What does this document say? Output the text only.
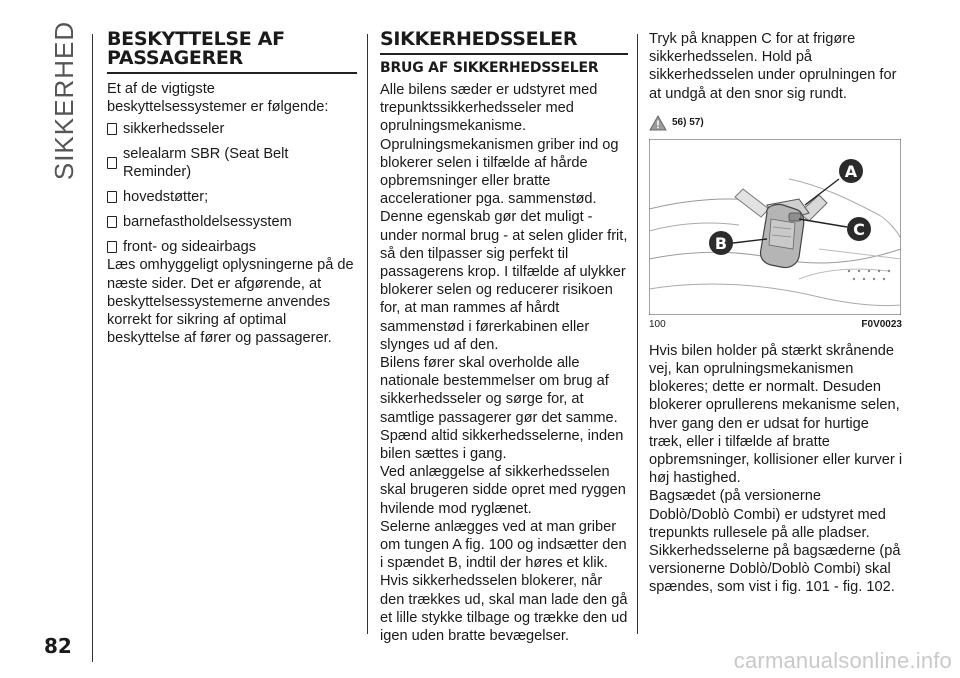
SIKKERHED BESKYTTELSE AF PASSAGERER

Et af de vigtigste beskyttelsessystemer er følgende:

sikkerhedsseler
selealarm SBR (Seat Belt Reminder)
hovedstøtter;
barnefastholdelsessystem
front- og sideairbags

Læs omhyggeligt oplysningerne på de næste sider. Det er afgørende, at beskyttelsessystemerne anvendes korrekt for sikring af optimal beskyttelse af fører og passagerer.

SIKKERHEDSSELER
BRUG AF SIKKERHEDSSELER

Alle bilens sæder er udstyret med trepunktssikkerhedsseler med oprulningsmekanisme.

Oprulningsmekanismen griber ind og blokerer selen i tilfælde af hårde opbremsninger eller bratte accelerationer pga. sammenstød. Denne egenskab gør det muligt - under normal brug - at selen glider frit, så den tilpasser sig perfekt til passagerens krop. I tilfælde af ulykker blokerer selen og reducerer risikoen for, at man rammes af hårdt sammenstød i førerkabinen eller slynges ud af den.

Bilens fører skal overholde alle nationale bestemmelser om brug af sikkerhedsseler og sørge for, at samtlige passagerer gør det samme.

Spænd altid sikkerhedsselerne, inden bilen sættes i gang.

Ved anlæggelse af sikkerhedsselen skal brugeren sidde opret med ryggen hvilende mod ryglænet.

Selerne anlægges ved at man griber om tungen A fig. 100 og indsætter den i spændet B, indtil der høres et klik.

Hvis sikkerhedsselen blokerer, når den trækkes ud, skal man lade den gå et lille stykke tilbage og trække den ud igen uden bratte bevægelser.

Tryk på knappen C for at frigøre sikkerhedsselen. Hold på sikkerhedsselen under oprulningen for at undgå at den snor sig rundt.

56) 57)
A
C
B
100	F0V0023

Hvis bilen holder på stærkt skrånende vej, kan oprulningsmekanismen blokeres; dette er normalt. Desuden blokerer oprullerens mekanisme selen, hver gang den er udsat for hurtige træk, eller i tilfælde af bratte opbremsninger, kollisioner eller kurver i høj hastighed.

Bagsædet (på versionerne Doblò/Doblò Combi) er udstyret med trepunkts rullesele på alle pladser.

Sikkerhedsselerne på bagsæderne (på versionerne Doblò/Doblò Combi) skal spændes, som vist i fig. 101 - fig. 102.

82
carmanualsonline.info
